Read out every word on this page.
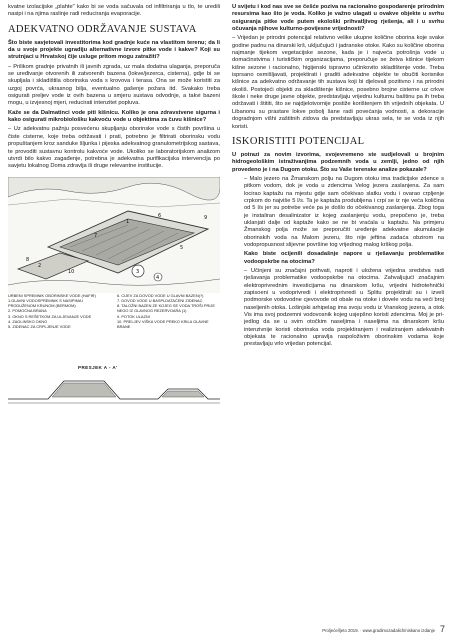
kvatne izolacijske „plahte" kako bi se voda sačuvala od infiltriranja u tlo, te uredili nasipi i na njima raslinje radi reduciranja evaporacije.

ADEKVATNO ODRŽAVANJE SUSTAVA

Što biste savjetovali investitorima kod gradnje kuće na vlastitom terenu; da li da u svoje projekte ugradiju alternativne izvore pitke vode i kakve? Koji su strutnjaci u Hrvatskoj čije usluge pritom mogu zatražiti?

– Prilikom gradnje privatnih ili javnih zgrada, uz mala dodatna ulaganja, preporuča se uređivanje otvorenih ili zatvorenih bazena (lokve/jezerca, cisterna), gdje bi se skupljala i skladištila oborinska voda s krovova i terasa. Ona se može koristiti za uzgoj povrća, ukrasnog bilja, eventualno gašenje požara itd. Svakako treba osigurati preljev vode iz ovih bazena u smjeru sustava odvodnje, a takvi bazeni mogu, u izvjesnoj mjeri, reducirati intenzitet popluva.

Kaže se da Dalmatinci vode piti kišnicu. Koliko je ona zdravstvene sigurna i kako osigurati mikrobiološku kakvoću vode u objektima za čuvu kišnice?

– Uz adekvatnu pažnju posvećenu skupljanju oborinske vode s čistih površina u čiste cisterne, koje treba održavati i prati, potrebno je filtrirati oborinsku vodu propuštanjem kroz sanduke šljunka i pijeska adekvatnog granulometrijskog sastava, te provoditi sustavnu kontrolu kakvoće vode. Ukoliko se laboratorijskom analizom utvrdi bilo kakvo zagađenje, potrebna je adekvatna purifikacijska intervencija po savjetu lokalnog Doma zdravlja ili druge relevantne institucije.

1
2
3
4
5
6
7
8
9
10
URBENI SPREMNIK OBORINSKE VODE (HAFIR)
1.GLAVNI VODOSPREMNIK S NASIPIMA I PRODUŽENOM KRUNOM (BERMOM)
2. POMOĆNA BRANA
3. OKNO S REŠETKOM ZA ULJEVANJE VODE
4. ZAGLINSKO OKNO
5. ZIDENAC ZA CRPLJENJE VODE
6. CIJEV ZA DOVOD VODE U GLAVNI BAZEN(?)
7. DOVOD VODE U BASPLDATAĆENI ZIDENAC
8. TALOŽNI BAZEN ZE KOJEG SE VODA TROŠI PRIJE NEGO IZ GLAVNOG REZERVOARA (1)
9. POTOK ULAZNI
10. PRELJEV VIŠKA VODE PREKO KRILA GLAVNE BRANE
PRESJEK A - A'

U svijetu i kod nas sve se češće poziva na racionalno gospodarenje prirodnim resursima kao što je voda. Koliko je važno ulagati u ovakve objekte u svrhu osiguranja pitke vode putem ekološki prihvatljivog rješenja, ali i u svrhu očuvanja njihove kulturno-povijesne vrijednosti?

– Vrijedan je prirodni potencijal relativno velike ukupne količine oborina koje svake godine padnu na dinarski krš, uključujući i jadranske otoke. Kako su količine oborina najmanje tijekom vegetacijske sezone, kada je i najveća potrošnja vode u domaćinstvima i turističkim organizacijama, preporučuje se žetva kišnice tijekom kišne sezone i racionalno, higijenski ispravno učinkovito skladištenje vode. Treba isprsano osmišljavati, projektirati i graditi adekvatne objekte te obučiti korisnike kišnice za adekvatno održavanje tih sustava koji bi djelovali pozitivno i na prirodni okoliš. Postojeći objekti za skladištenje kišnice, posebno brojne cisterne uz crkve škole i neke druge javne objekte, predstavljaju vrijednu kulturnu baštinu pa ih treba održavati i štititi, što se najdjelotvornije postiže korištenjem tih vrijednih objekata. U Libanonu su prastare lokve pobolj šane radi povećanja vodnosti, a dekoracije dogradnjom višhi zaštitnih zidova da predstavljaju ukras sela, te se voda iz njih koristi.

ISKORISTITI POTENCIJAL

U potrazi za novim izvorima, svojevremeno ste sudjelovali u brojnim hidrogeološkim istraživanjima podzemnih voda u zemlji, jedno od njih provedeno je i na Dugom otoku. Što su Vaše terenske analize pokazale?

– Malo jezero na Žmanskom polju na Dugom otoku ima tradicijske zdence s pitkom vodom, dok je voda u zdencima Velog jezera zaslanjena. Za sam locirao kaptažu na mjestu gdje sam očekivao slatku vodu i ovarao crpljenje crpkom do najviše 5 l/s. Ta je kaptaža produbljena i crpi se iz nje veća količina od 5 l/s jer su potrebe veće pa je došlo do očekivanog zaslanjenja. Zbog toga je instaliran desalinizator iz kojeg zaslanjenju vodu, prepočeno je, treba uklanjati dalje od kaptaže kako se ne bi vraćala u kaptažu. Na primjeru Žmanskog polja može se preporučiti uređenje adekvatne akumulacije oborinskih voda na Malom jezeru, što nije jeftina zadaća obzirom na vodopropusnost slijevne površine tog vrijednog malog krškog polja.

Kako biste ocijenili dosadašnje napore u rješavanju problematike vodoopskrbe na otocima?

– Učinjeni su značajni pothvati, naproti i uložena vrijedna sredstva radi rješavanja problematike vodoopskrbe na otocima. Zahvaljujući značajnim elektroprivrednim investicijama na dinarskom kršu, vrijedni hidrotehnički zapisoeni u vodoprivredi i elektroprivredi u Splitu projektirali su i izveli podmorske vodovodne cjevovode od obale na otoke i dovele vodu na veći broj naseljenih otoka. Lošinjski arhipelag ima svoju vodu iz Vranskog jezera, a otok Vis ima svoj podzemni vodovosnik kojeg usjepšno koristi zdencima. Moj je prijedlog da se u svim otočkim naseljima i naseljima na dinarskom kršu intenzivnije koristi oborinska voda projektiranjem i realiziranjem adekvatnih objekata te racionalno upravlja raspoloživim oborinskim vodama koje prestavljaju vrlo vrijedan potencijal.

Proljeće/ljeto 2019. · www.gradimozadalich/niskano izdanje 7
